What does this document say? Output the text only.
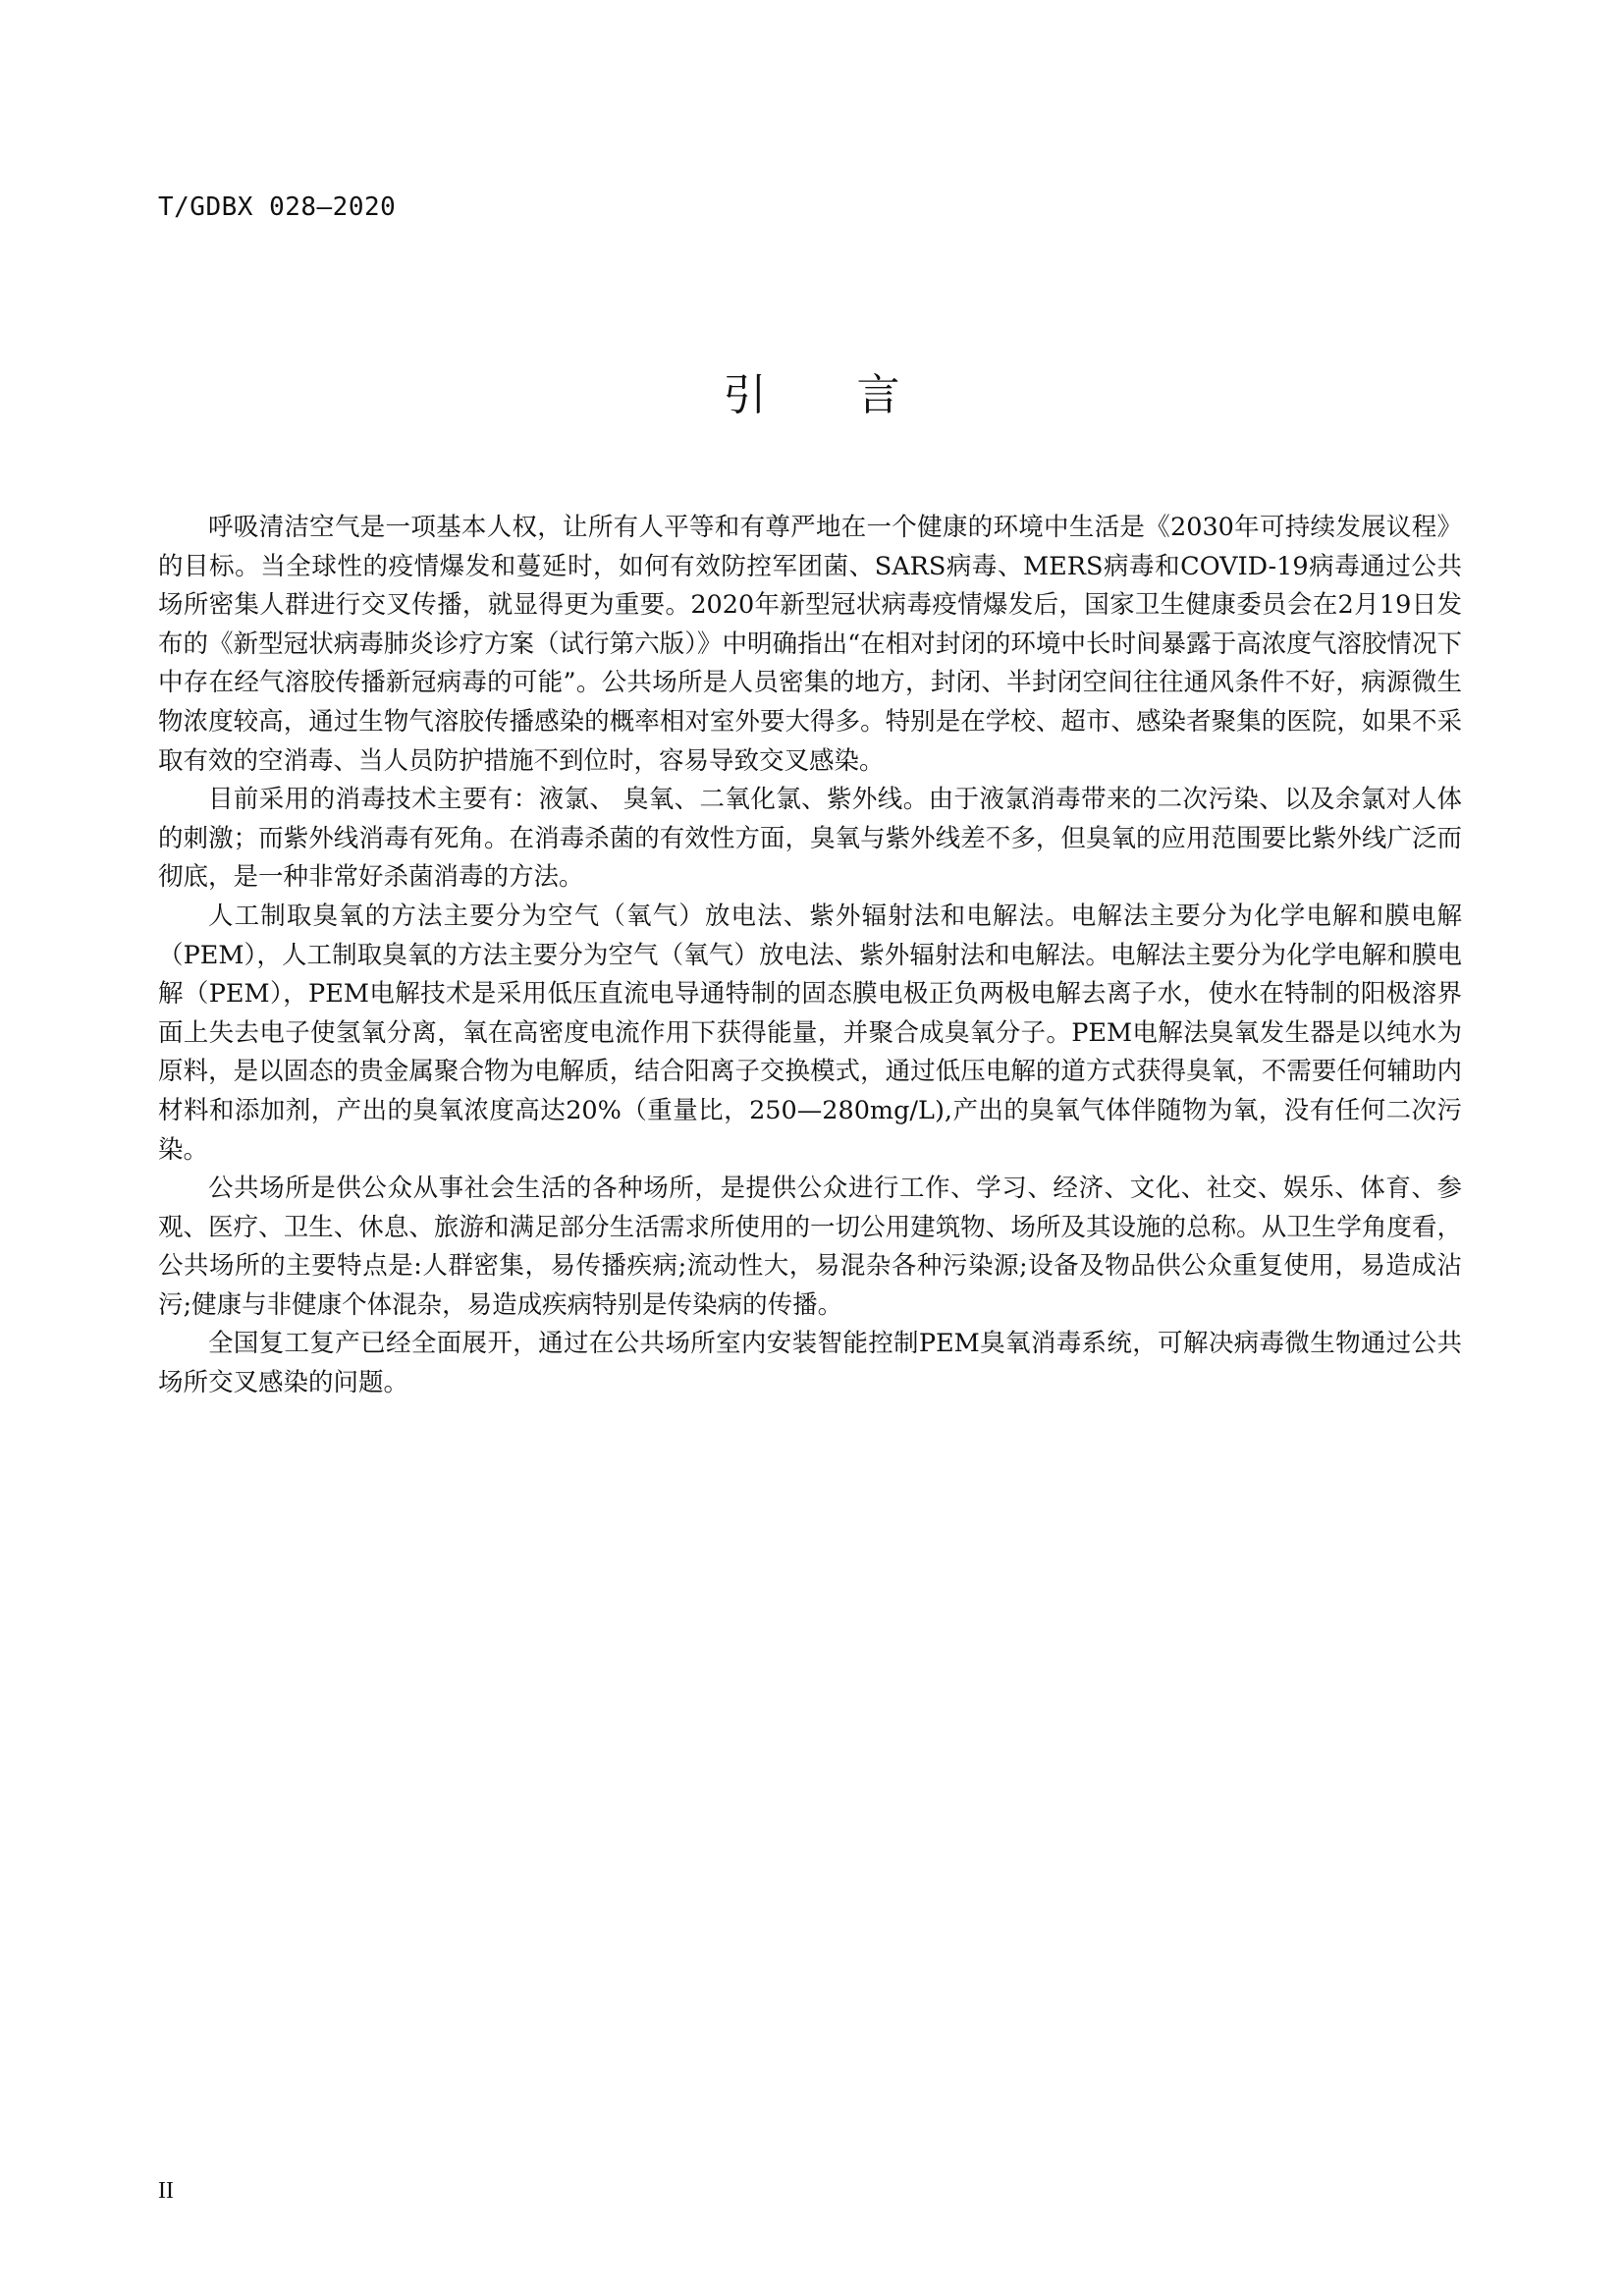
T/GDBX 028—2020
引 言

呼吸清洁空气是一项基本人权，让所有人平等和有尊严地在一个健康的环境中生活是《2030年可持续发展议程》的目标。当全球性的疫情爆发和蔓延时，如何有效防控军团菌、SARS病毒、MERS病毒和COVID-19病毒通过公共场所密集人群进行交叉传播，就显得更为重要。2020年新型冠状病毒疫情爆发后，国家卫生健康委员会在2月19日发布的《新型冠状病毒肺炎诊疗方案（试行第六版）》中明确指出“在相对封闭的环境中长时间暴露于高浓度气溶胶情况下中存在经气溶胶传播新冠病毒的可能”。公共场所是人员密集的地方，封闭、半封闭空间往往通风条件不好，病源微生物浓度较高，通过生物气溶胶传播感染的概率相对室外要大得多。特别是在学校、超市、感染者聚集的医院，如果不采取有效的空消毒、当人员防护措施不到位时，容易导致交叉感染。

目前采用的消毒技术主要有：液氯、 臭氧、二氧化氯、紫外线。由于液氯消毒带来的二次污染、以及余氯对人体的刺激；而紫外线消毒有死角。在消毒杀菌的有效性方面，臭氧与紫外线差不多，但臭氧的应用范围要比紫外线广泛而彻底，是一种非常好杀菌消毒的方法。

人工制取臭氧的方法主要分为空气（氧气）放电法、紫外辐射法和电解法。电解法主要分为化学电解和膜电解（PEM），人工制取臭氧的方法主要分为空气（氧气）放电法、紫外辐射法和电解法。电解法主要分为化学电解和膜电解（PEM），PEM电解技术是采用低压直流电导通特制的固态膜电极正负两极电解去离子水，使水在特制的阳极溶界面上失去电子使氢氧分离，氧在高密度电流作用下获得能量，并聚合成臭氧分子。PEM电解法臭氧发生器是以纯水为原料，是以固态的贵金属聚合物为电解质，结合阳离子交换模式，通过低压电解的道方式获得臭氧，不需要任何辅助内材料和添加剂，产出的臭氧浓度高达20%（重量比，250—280mg/L),产出的臭氧气体伴随物为氧，没有任何二次污染。

公共场所是供公众从事社会生活的各种场所，是提供公众进行工作、学习、经济、文化、社交、娱乐、体育、参观、医疗、卫生、休息、旅游和满足部分生活需求所使用的一切公用建筑物、场所及其设施的总称。从卫生学角度看，公共场所的主要特点是:人群密集，易传播疾病;流动性大，易混杂各种污染源;设备及物品供公众重复使用，易造成沾污;健康与非健康个体混杂，易造成疾病特别是传染病的传播。

全国复工复产已经全面展开，通过在公共场所室内安装智能控制PEM臭氧消毒系统，可解决病毒微生物通过公共场所交叉感染的问题。

II
